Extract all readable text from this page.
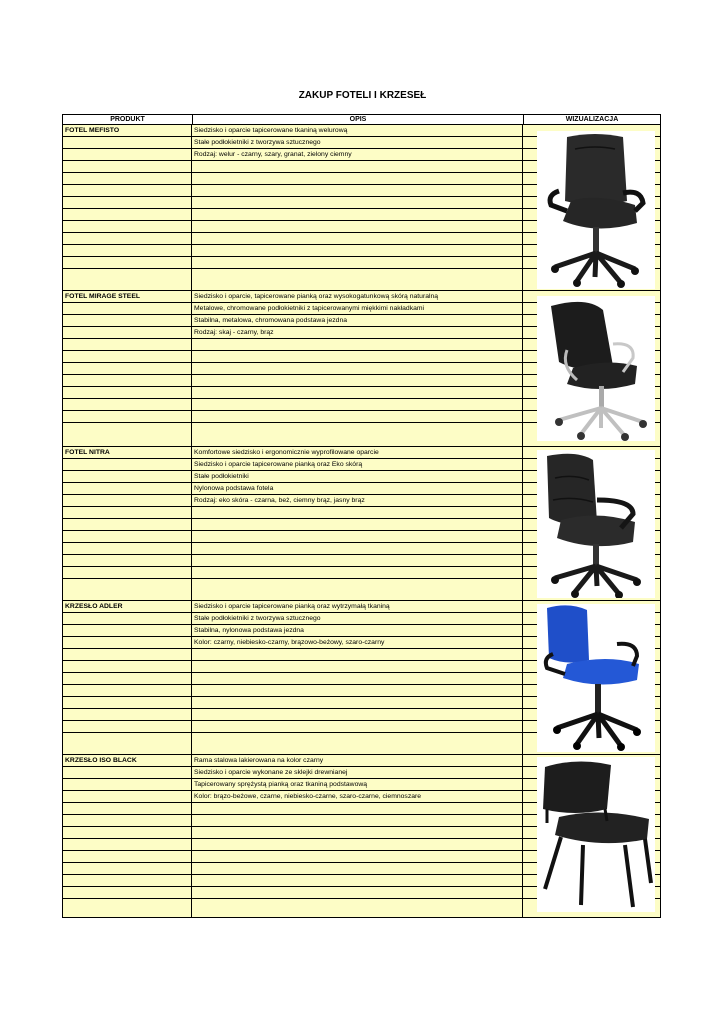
ZAKUP FOTELI I KRZESEŁ
PRODUKT	OPIS	WIZUALIZACJA
FOTEL MEFISTO	Siedzisko i oparcie tapicerowane tkaniną welurową
Stałe podłokietniki z tworzywa sztucznego
Rodzaj: welur - czarny, szary, granat, zielony ciemny
FOTEL MIRAGE STEEL	Siedzisko i oparcie, tapicerowane pianką oraz wysokogatunkową skórą naturalną
Metalowe, chromowane podłokietniki z tapicerowanymi miękkimi nakładkami
Stabilna, metalowa, chromowana podstawa jezdna
Rodzaj: skaj - czarny, brąz
FOTEL NITRA	Komfortowe siedzisko i ergonomicznie wyprofilowane oparcie
Siedzisko i oparcie tapicerowane pianką oraz Eko skórą
Stałe podłokietniki
Nylonowa podstawa fotela
Rodzaj: eko skóra - czarna, beż, ciemny brąz, jasny brąz
KRZESŁO ADLER	Siedzisko i oparcie tapicerowane pianką oraz wytrzymałą tkaniną
Stałe podłokietniki z tworzywa sztucznego
Stabilna, nylonowa podstawa jezdna
Kolor: czarny, niebiesko-czarny, brązowo-beżowy, szaro-czarny
KRZESŁO ISO BLACK	Rama stalowa lakierowana na kolor czarny
Siedzisko i oparcie wykonane ze sklejki drewnianej
Tapicerowany sprężystą pianką oraz tkaniną podstawową
Kolor: brązo-beżowe, czarne, niebiesko-czarne, szaro-czarne, ciemnoszare
